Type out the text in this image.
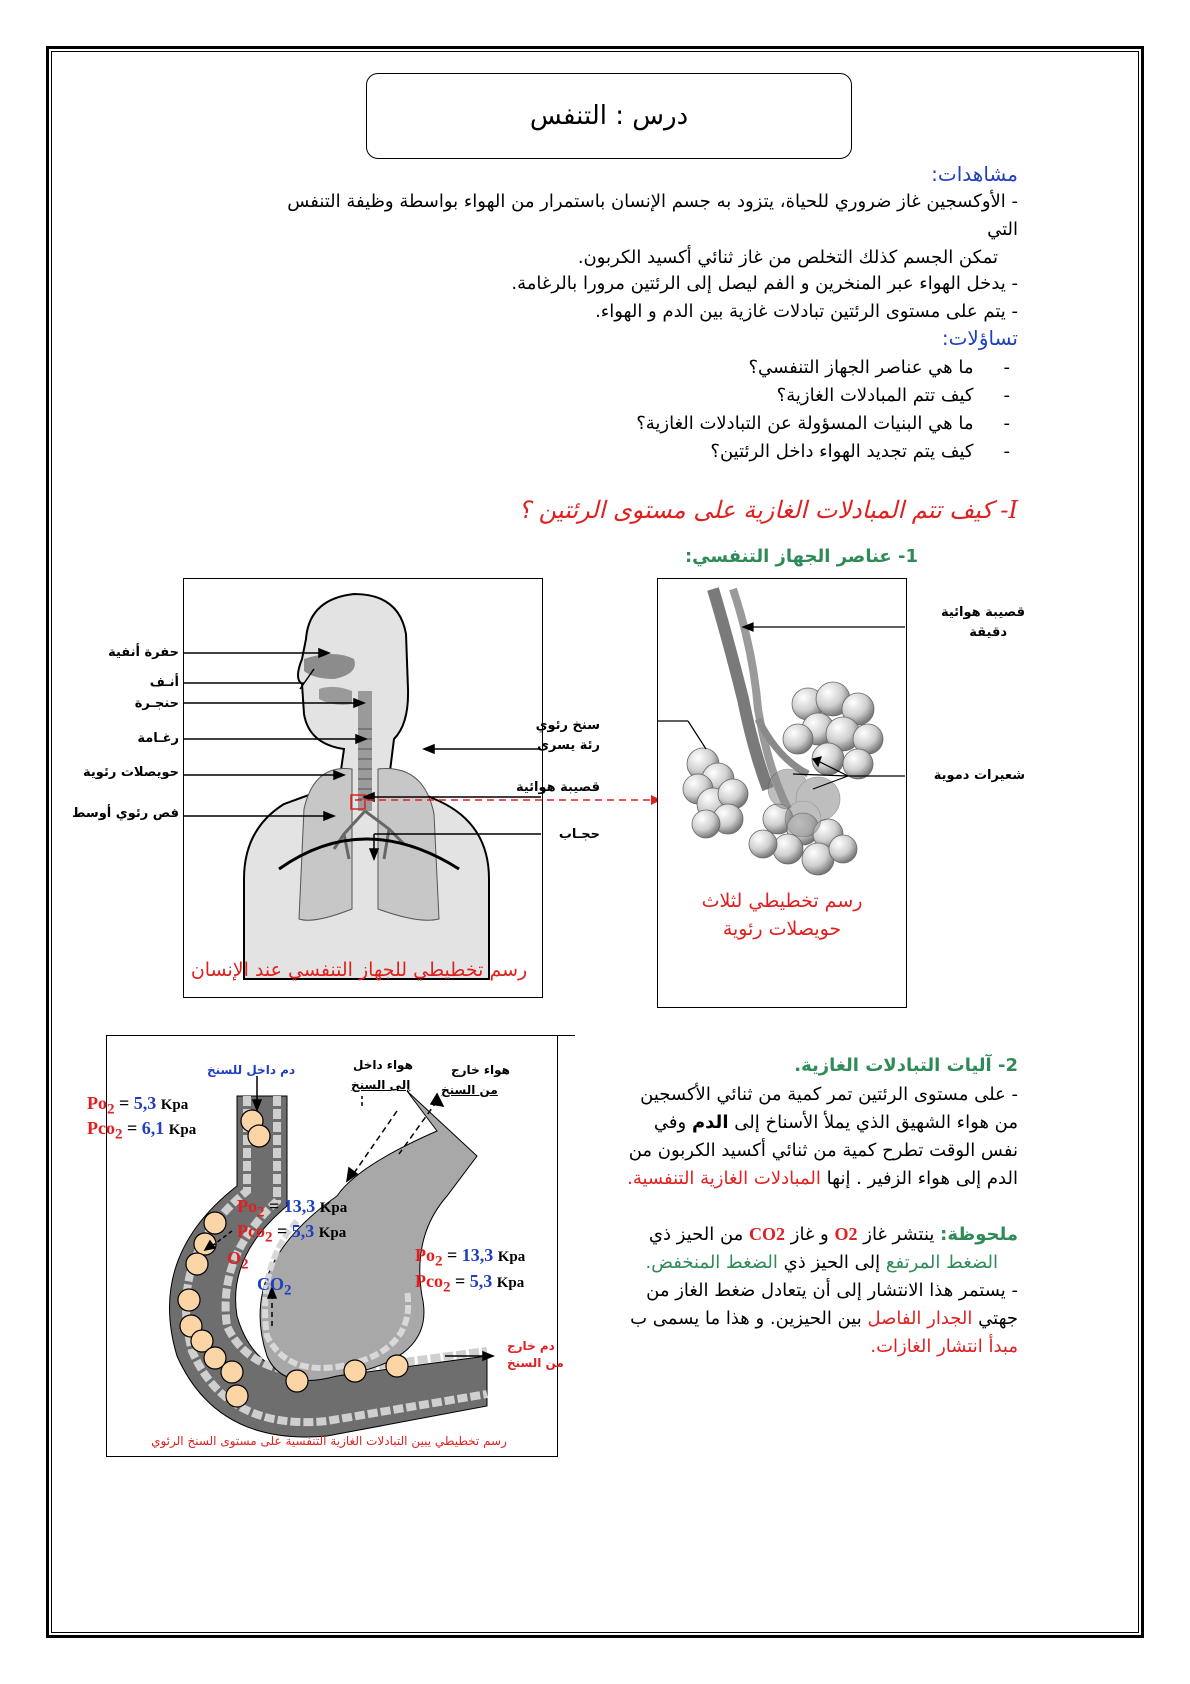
درس : التنفس
مشاهدات:
- الأوكسجين غاز ضروري للحياة، يتزود به جسم الإنسان باستمرار من الهواء بواسطة وظيفة التنفس
التي
تمكن الجسم كذلك التخلص من غاز ثنائي أكسيد الكربون.
- يدخل الهواء عبر المنخرين و الفم ليصل إلى الرئتين مرورا بالرغامة.
- يتم على مستوى الرئتين تبادلات غازية بين الدم و الهواء.
تساؤلات:
-ما هي عناصر الجهاز التنفسي؟
-كيف تتم المبادلات الغازية؟
-ما هي البنيات المسؤولة عن التبادلات الغازية؟
-كيف يتم تجديد الهواء داخل الرئتين؟
I- كيف تتم المبادلات الغازية على مستوى الرئتين ؟
1- عناصر الجهاز التنفسي:
رسم تخطيطي للجهاز التنفسي عند الإنسان
حفرة أنفية
أنـف
حنجـرة
رغـامة
حويصلات رئوية
فص رئوي أوسط
سنخ رئوي
رئة يسرى
قصيبة هوائية
حجـاب
رسم تخطيطي لثلاث
حويصلات رئوية
قصيبة هوائية
دقيقة
شعيرات دموية
دم داخل للسنخ	هواء داخل
إلى السنخ
هواء خارج
من السنخ
دم خارج
من السنخ
$Po_2 = 5,3$ Kpa
Pco$_2$ = 6,1 Kpa
$Po_2 = 13,3$ Kpa
Pco$_2$ = 5,3 Kpa
$Po_2 = 13,3$ Kpa
Pco$_2$ = 5,3 Kpa
$O_2$
$CO_2$
رسم تخطيطي يبين التبادلات الغازية التنفسية على مستوى السنخ الرئوي
2- آليات التبادلات الغازية.
- على مستوى الرئتين تمر كمية من ثنائي الأكسجين
من هواء الشهيق الذي يملأ الأسناخ إلى الدم وفي
نفس الوقت تطرح كمية من ثنائي أكسيد الكربون من
الدم إلى هواء الزفير . إنها المبادلات الغازية التنفسية.
ملحوظة: ينتشر غاز O2 و غاز CO2 من الحيز ذي
الضغط المرتفع إلى الحيز ذي الضغط المنخفض.
- يستمر هذا الانتشار إلى أن يتعادل ضغط الغاز من
جهتي الجدار الفاصل بين الحيزين. و هذا ما يسمى ب
مبدأ انتشار الغازات.
